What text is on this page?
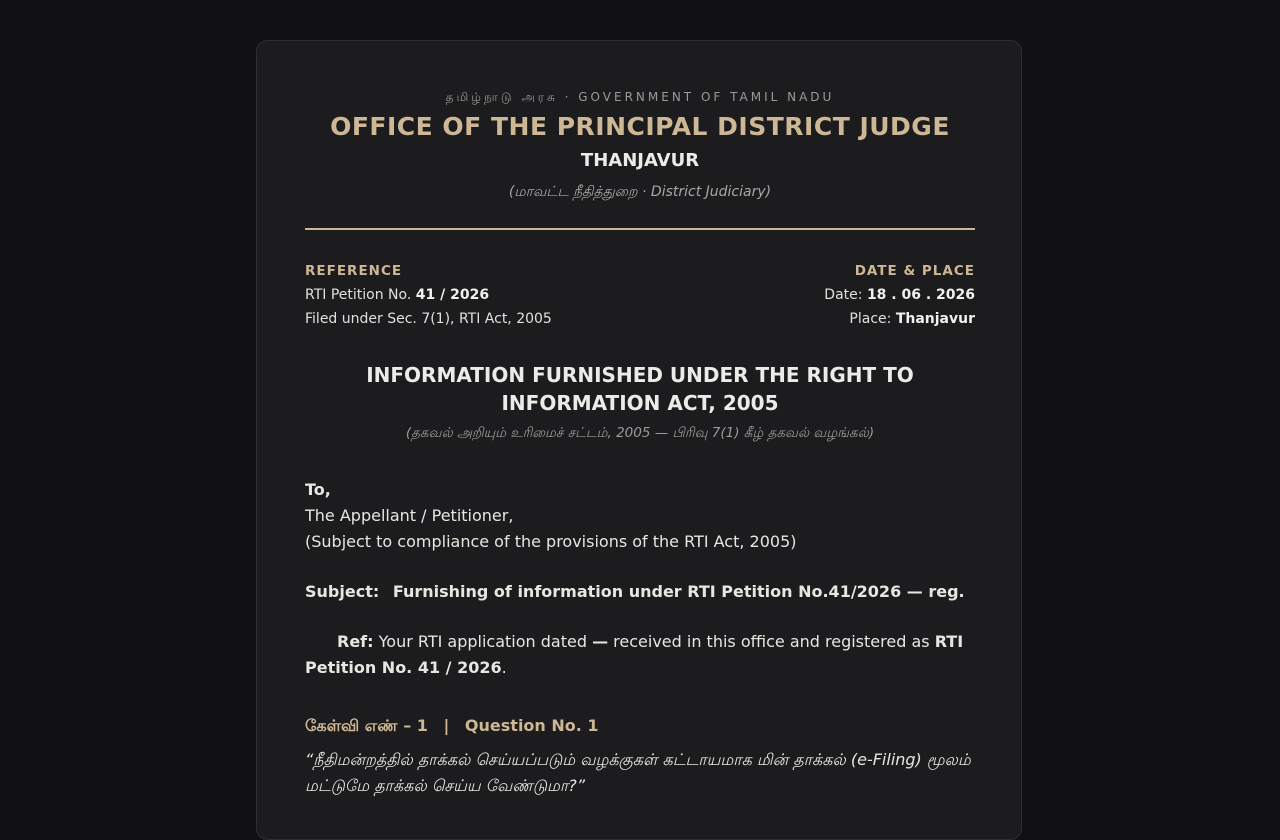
தமிழ்நாடு அரசு · GOVERNMENT OF TAMIL NADU
OFFICE OF THE PRINCIPAL DISTRICT JUDGE
THANJAVUR
(மாவட்ட நீதித்துறை · District Judiciary)
REFERENCE
RTI Petition No. 41 / 2026
Filed under Sec. 7(1), RTI Act, 2005
DATE & PLACE
Date: 18 . 06 . 2026
Place: Thanjavur
INFORMATION FURNISHED UNDER THE RIGHT TO INFORMATION ACT, 2005
(தகவல் அறியும் உரிமைச் சட்டம், 2005 — பிரிவு 7(1) கீழ் தகவல் வழங்கல்)
To,
The Appellant / Petitioner,
(Subject to compliance of the provisions of the RTI Act, 2005)
Subject: Furnishing of information under RTI Petition No.41/2026 — reg.
Ref: Your RTI application dated — received in this office and registered as RTI Petition No. 41 / 2026.
கேள்வி எண் – 1 | Question No. 1
“நீதிமன்றத்தில் தாக்கல் செய்யப்படும் வழக்குகள் கட்டாயமாக மின் தாக்கல் (e-Filing) மூலம் மட்டுமே தாக்கல் செய்ய வேண்டுமா?”
